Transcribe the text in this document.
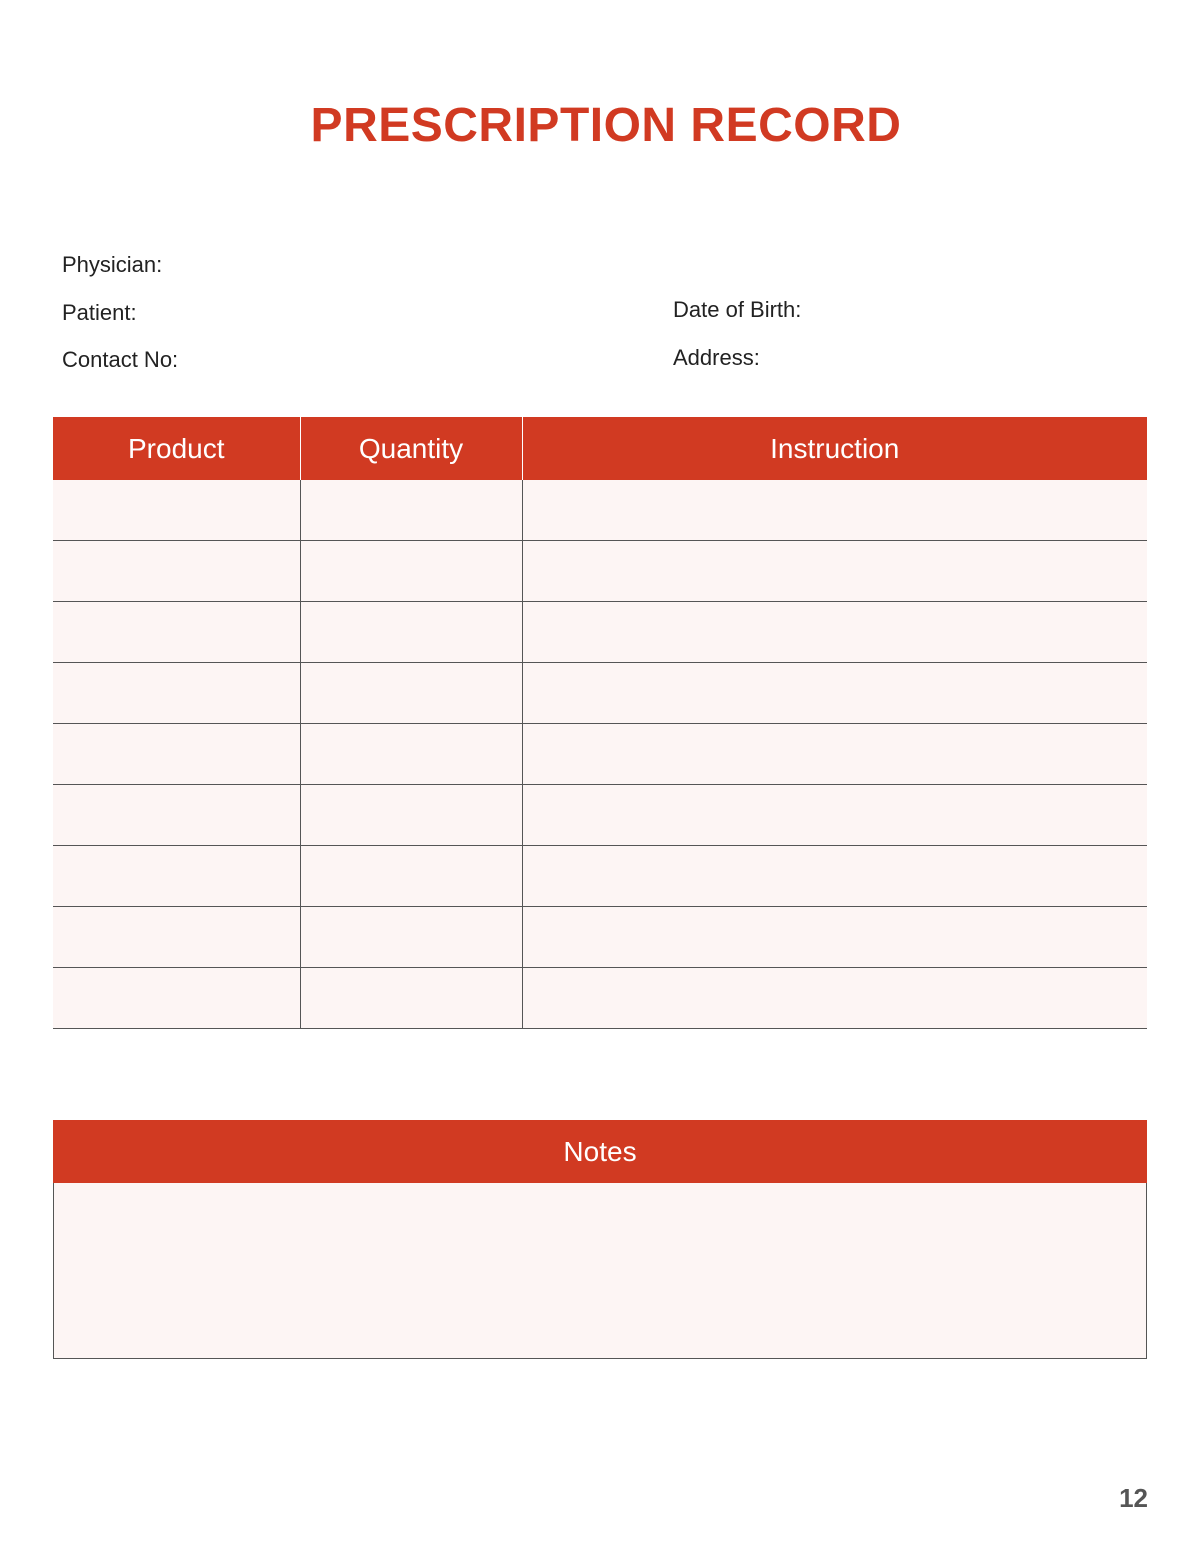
PRESCRIPTION RECORD
Physician:
Patient:
Contact No:
Date of Birth:
Address:
Product	Quantity	Instruction

Notes
12
